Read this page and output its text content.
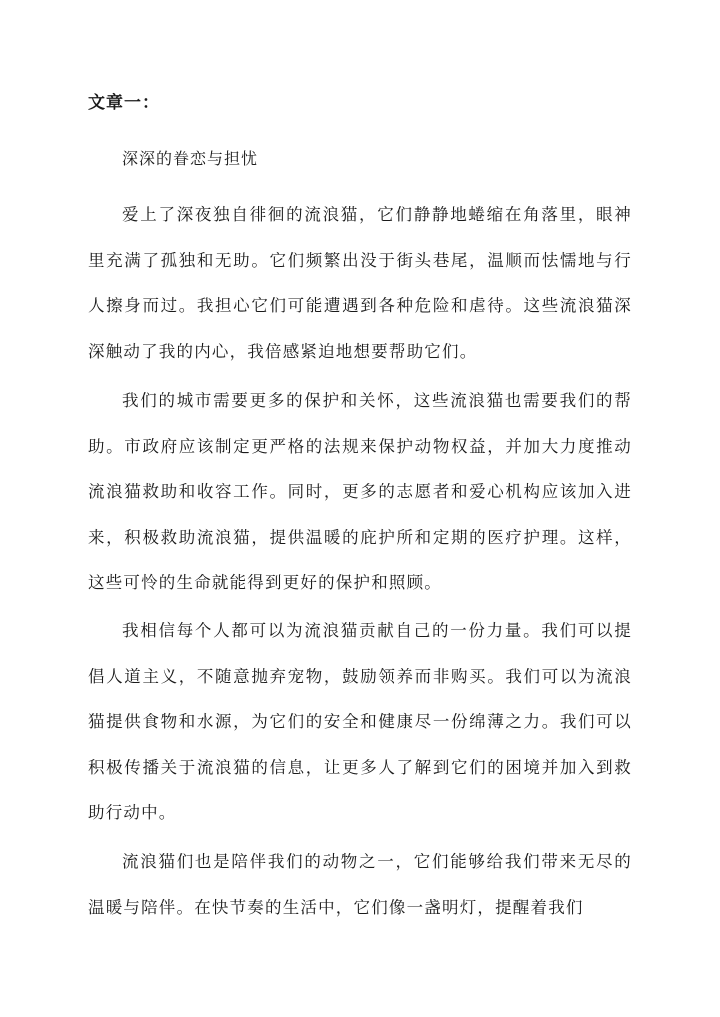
文章一：
深深的眷恋与担忧

爱上了深夜独自徘徊的流浪猫，它们静静地蜷缩在角落里，眼神里充满了孤独和无助。它们频繁出没于街头巷尾，温顺而怯懦地与行人擦身而过。我担心它们可能遭遇到各种危险和虐待。这些流浪猫深深触动了我的内心，我倍感紧迫地想要帮助它们。

我们的城市需要更多的保护和关怀，这些流浪猫也需要我们的帮助。市政府应该制定更严格的法规来保护动物权益，并加大力度推动流浪猫救助和收容工作。同时，更多的志愿者和爱心机构应该加入进来，积极救助流浪猫，提供温暖的庇护所和定期的医疗护理。这样，这些可怜的生命就能得到更好的保护和照顾。

我相信每个人都可以为流浪猫贡献自己的一份力量。我们可以提倡人道主义，不随意抛弃宠物，鼓励领养而非购买。我们可以为流浪猫提供食物和水源，为它们的安全和健康尽一份绵薄之力。我们可以积极传播关于流浪猫的信息，让更多人了解到它们的困境并加入到救助行动中。

流浪猫们也是陪伴我们的动物之一，它们能够给我们带来无尽的温暖与陪伴。在快节奏的生活中，它们像一盏明灯，提醒着我们
